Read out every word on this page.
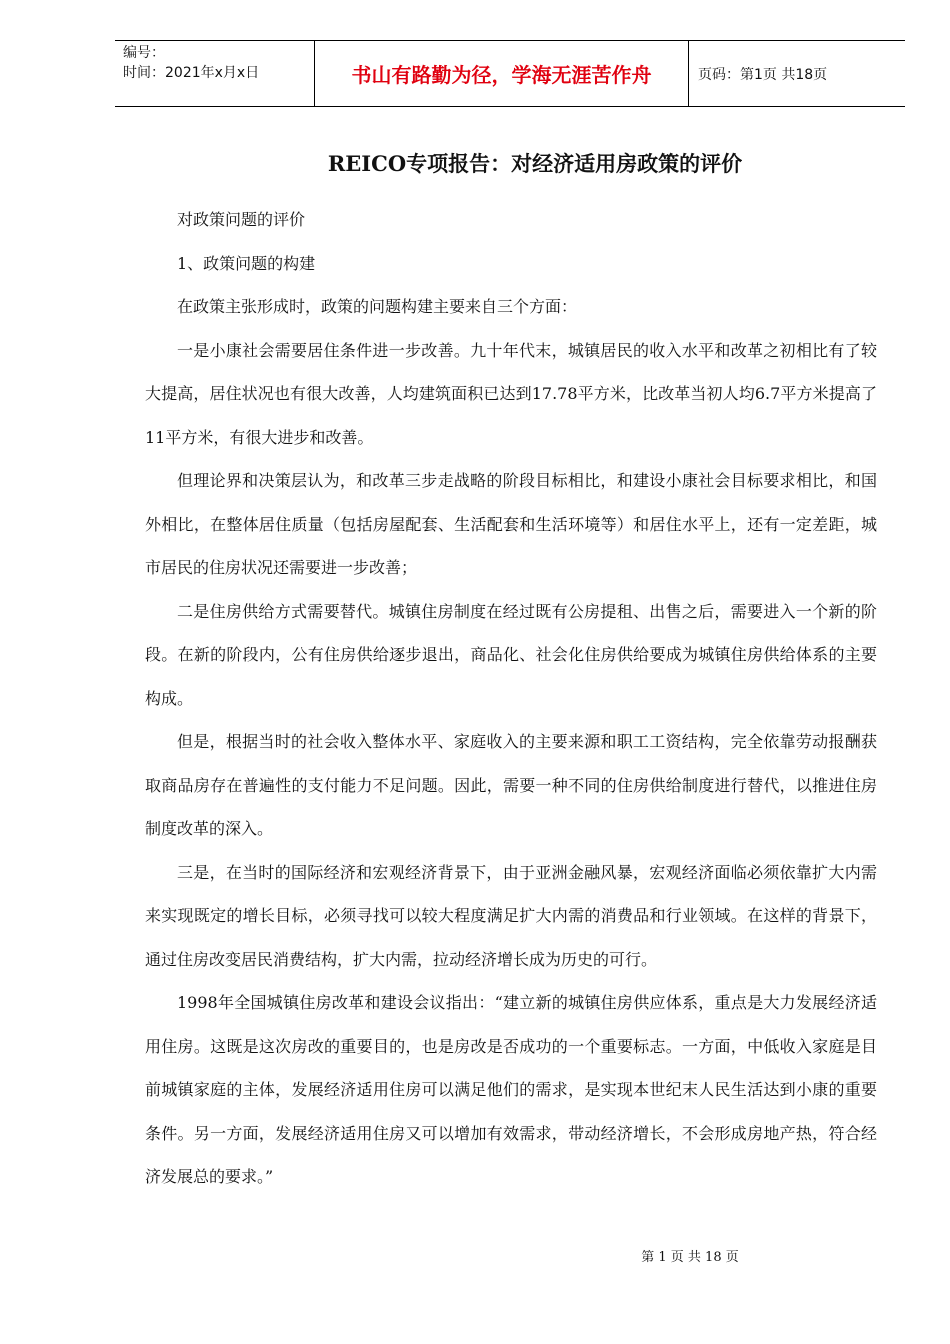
编号：
时间：2021年x月x日	书山有路勤为径，学海无涯苦作舟	页码：第1页 共18页
REICO专项报告：对经济适用房政策的评价

对政策问题的评价

1、政策问题的构建

在政策主张形成时，政策的问题构建主要来自三个方面：

一是小康社会需要居住条件进一步改善。九十年代末，城镇居民的收入水平和改革之初相比有了较大提高，居住状况也有很大改善，人均建筑面积已达到17.78平方米，比改革当初人均6.7平方米提高了11平方米，有很大进步和改善。

但理论界和决策层认为，和改革三步走战略的阶段目标相比，和建设小康社会目标要求相比，和国外相比，在整体居住质量（包括房屋配套、生活配套和生活环境等）和居住水平上，还有一定差距，城市居民的住房状况还需要进一步改善；

二是住房供给方式需要替代。城镇住房制度在经过既有公房提租、出售之后，需要进入一个新的阶段。在新的阶段内，公有住房供给逐步退出，商品化、社会化住房供给要成为城镇住房供给体系的主要构成。

但是，根据当时的社会收入整体水平、家庭收入的主要来源和职工工资结构，完全依靠劳动报酬获取商品房存在普遍性的支付能力不足问题。因此，需要一种不同的住房供给制度进行替代，以推进住房制度改革的深入。

三是，在当时的国际经济和宏观经济背景下，由于亚洲金融风暴，宏观经济面临必须依靠扩大内需来实现既定的增长目标，必须寻找可以较大程度满足扩大内需的消费品和行业领域。在这样的背景下，通过住房改变居民消费结构，扩大内需，拉动经济增长成为历史的可行。

1998年全国城镇住房改革和建设会议指出：“建立新的城镇住房供应体系，重点是大力发展经济适用住房。这既是这次房改的重要目的，也是房改是否成功的一个重要标志。一方面，中低收入家庭是目前城镇家庭的主体，发展经济适用住房可以满足他们的需求，是实现本世纪末人民生活达到小康的重要条件。另一方面，发展经济适用住房又可以增加有效需求，带动经济增长，不会形成房地产热，符合经济发展总的要求。”

第 1 页 共 18 页
